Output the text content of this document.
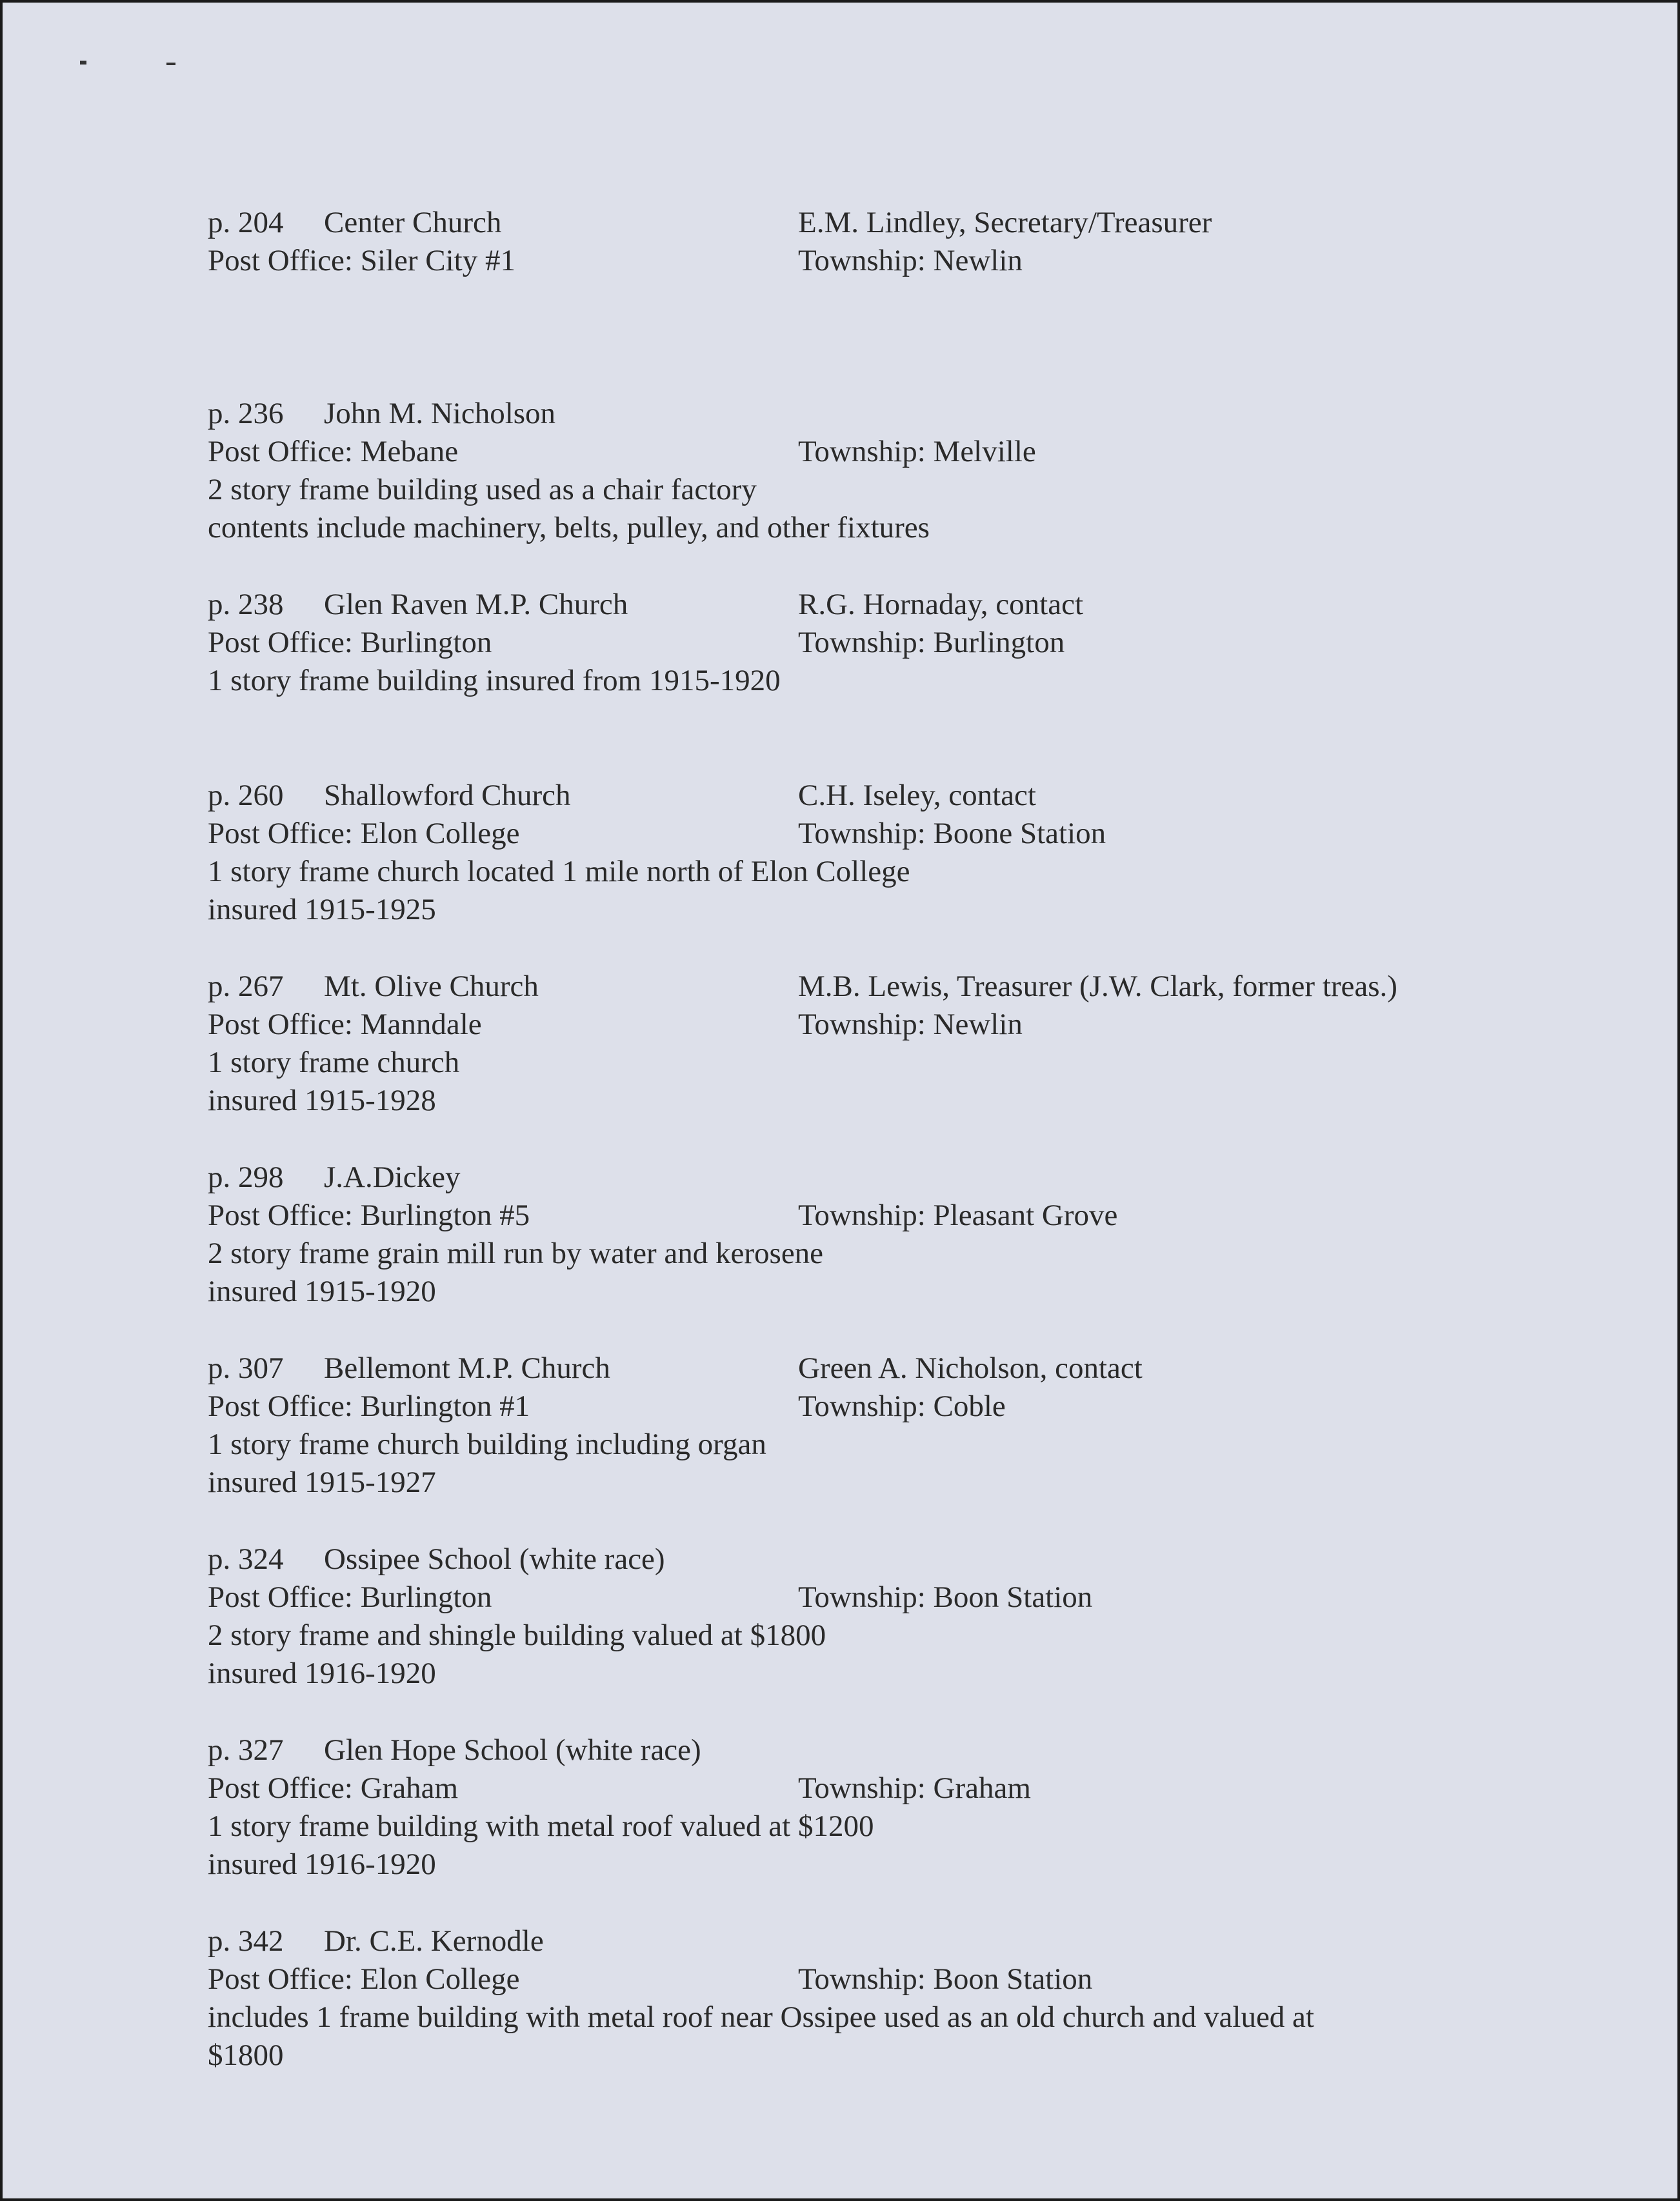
p. 204 Center Church	E.M. Lindley, Secretary/Treasurer
Post Office: Siler City #1	Township: Newlin
p. 236 John M. Nicholson
Post Office: Mebane	Township: Melville
2 story frame building used as a chair factory
contents include machinery, belts, pulley, and other fixtures
p. 238 Glen Raven M.P. Church	R.G. Hornaday, contact
Post Office: Burlington	Township: Burlington
1 story frame building insured from 1915-1920
p. 260 Shallowford Church	C.H. Iseley, contact
Post Office: Elon College	Township: Boone Station
1 story frame church located 1 mile north of Elon College
insured 1915-1925
p. 267 Mt. Olive Church	M.B. Lewis, Treasurer (J.W. Clark, former treas.)
Post Office: Manndale	Township: Newlin
1 story frame church
insured 1915-1928
p. 298 J.A.Dickey
Post Office: Burlington #5	Township: Pleasant Grove
2 story frame grain mill run by water and kerosene
insured 1915-1920
p. 307 Bellemont M.P. Church	Green A. Nicholson, contact
Post Office: Burlington #1	Township: Coble
1 story frame church building including organ
insured 1915-1927
p. 324 Ossipee School (white race)
Post Office: Burlington	Township: Boon Station
2 story frame and shingle building valued at $1800
insured 1916-1920
p. 327 Glen Hope School (white race)
Post Office: Graham	Township: Graham
1 story frame building with metal roof valued at $1200
insured 1916-1920
p. 342 Dr. C.E. Kernodle
Post Office: Elon College	Township: Boon Station
includes 1 frame building with metal roof near Ossipee used as an old church and valued at
$1800
